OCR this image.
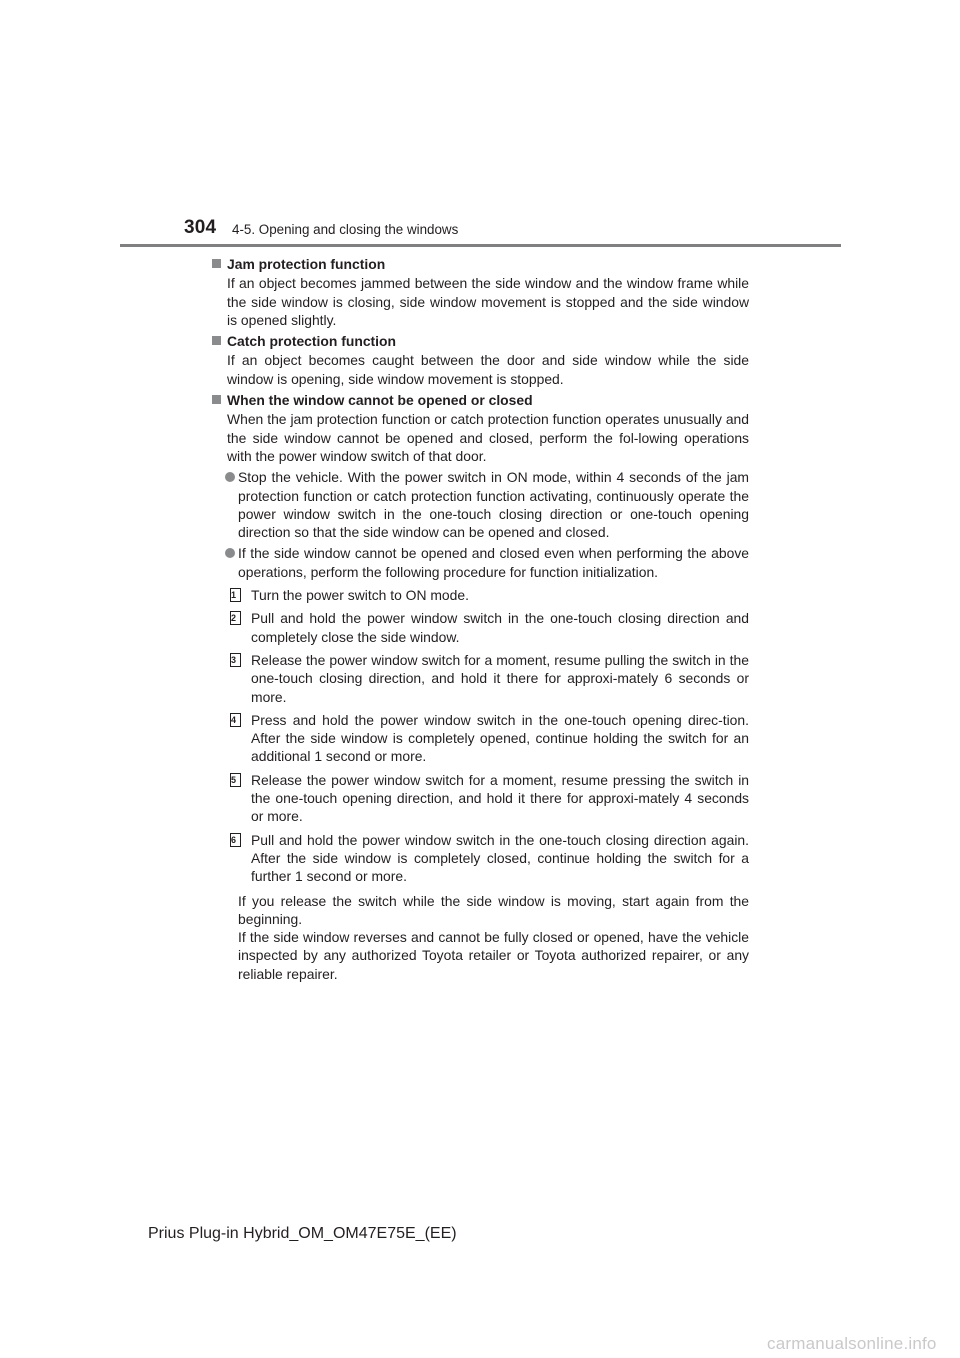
304 4-5. Opening and closing the windows
Jam protection function
If an object becomes jammed between the side window and the window frame while the side window is closing, side window movement is stopped and the side window is opened slightly.
Catch protection function
If an object becomes caught between the door and side window while the side window is opening, side window movement is stopped.
When the window cannot be opened or closed
When the jam protection function or catch protection function operates unusually and the side window cannot be opened and closed, perform the fol-lowing operations with the power window switch of that door.
Stop the vehicle. With the power switch in ON mode, within 4 seconds of the jam protection function or catch protection function activating, continuously operate the power window switch in the one-touch closing direction or one-touch opening direction so that the side window can be opened and closed.
If the side window cannot be opened and closed even when performing the above operations, perform the following procedure for function initialization.
1	Turn the power switch to ON mode.
2	Pull and hold the power window switch in the one-touch closing direction and completely close the side window.
3	Release the power window switch for a moment, resume pulling the switch in the one-touch closing direction, and hold it there for approxi-mately 6 seconds or more.
4	Press and hold the power window switch in the one-touch opening direc-tion. After the side window is completely opened, continue holding the switch for an additional 1 second or more.
5	Release the power window switch for a moment, resume pressing the switch in the one-touch opening direction, and hold it there for approxi-mately 4 seconds or more.
6	Pull and hold the power window switch in the one-touch closing direction again. After the side window is completely closed, continue holding the switch for a further 1 second or more.
If you release the switch while the side window is moving, start again from the beginning.
If the side window reverses and cannot be fully closed or opened, have the vehicle inspected by any authorized Toyota retailer or Toyota authorized repairer, or any reliable repairer.
Prius Plug-in Hybrid_OM_OM47E75E_(EE)
carmanualsonline.info
